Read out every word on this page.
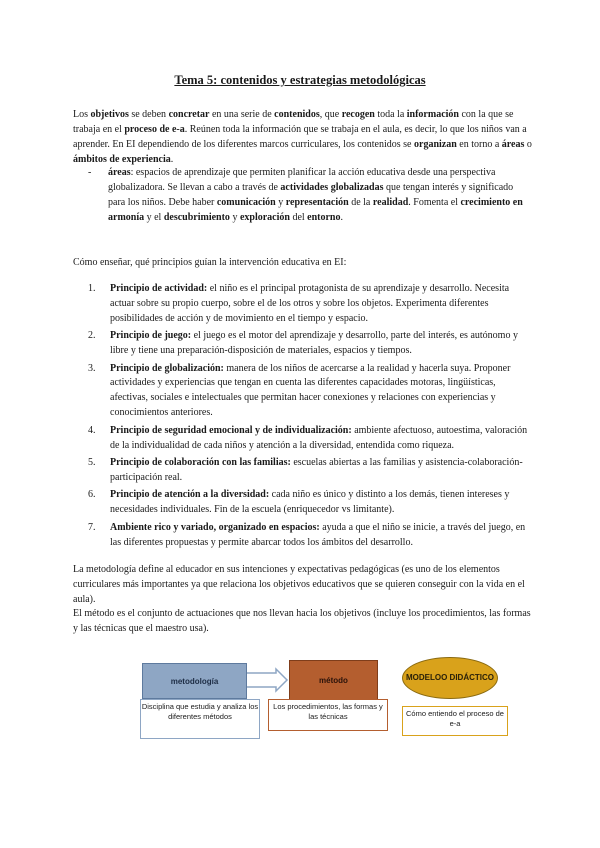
Tema 5: contenidos y estrategias metodológicas
Los objetivos se deben concretar en una serie de contenidos, que recogen toda la información con la que se trabaja en el proceso de e-a. Reúnen toda la información que se trabaja en el aula, es decir, lo que los niños van a aprender. En EI dependiendo de los diferentes marcos curriculares, los contenidos se organizan en torno a áreas o ámbitos de experiencia.
- áreas: espacios de aprendizaje que permiten planificar la acción educativa desde una perspectiva globalizadora. Se llevan a cabo a través de actividades globalizadas que tengan interés y significado para los niños. Debe haber comunicación y representación de la realidad. Fomenta el crecimiento en armonía y el descubrimiento y exploración del entorno.
Cómo enseñar, qué principios guían la intervención educativa en EI:
1. Principio de actividad: el niño es el principal protagonista de su aprendizaje y desarrollo. Necesita actuar sobre su propio cuerpo, sobre el de los otros y sobre los objetos. Experimenta diferentes posibilidades de acción y de movimiento en el tiempo y espacio.
2. Principio de juego: el juego es el motor del aprendizaje y desarrollo, parte del interés, es autónomo y libre y tiene una preparación-disposición de materiales, espacios y tiempos.
3. Principio de globalización: manera de los niños de acercarse a la realidad y hacerla suya. Proponer actividades y experiencias que tengan en cuenta las diferentes capacidades motoras, lingüísticas, afectivas, sociales e intelectuales que permitan hacer conexiones y relaciones con experiencias y conocimientos anteriores.
4. Principio de seguridad emocional y de individualización: ambiente afectuoso, autoestima, valoración de la individualidad de cada niños y atención a la diversidad, entendida como riqueza.
5. Principio de colaboración con las familias: escuelas abiertas a las familias y asistencia-colaboración-participación real.
6. Principio de atención a la diversidad: cada niño es único y distinto a los demás, tienen intereses y necesidades individuales. Fin de la escuela (enriquecedor vs limitante).
7. Ambiente rico y variado, organizado en espacios: ayuda a que el niño se inicie, a través del juego, en las diferentes propuestas y permite abarcar todos los ámbitos del desarrollo.
La metodología define al educador en sus intenciones y expectativas pedagógicas (es uno de los elementos curriculares más importantes ya que relaciona los objetivos educativos que se quieren conseguir con la vida en el aula).
El método es el conjunto de actuaciones que nos llevan hacia los objetivos (incluye los procedimientos, las formas y las técnicas que el maestro usa).
metodología	método	MODELOO DIDÁCTICO
Disciplina que estudia y analiza los diferentes métodos
Los procedimientos, las formas y las técnicas	Cómo entiendo el proceso de e-a
